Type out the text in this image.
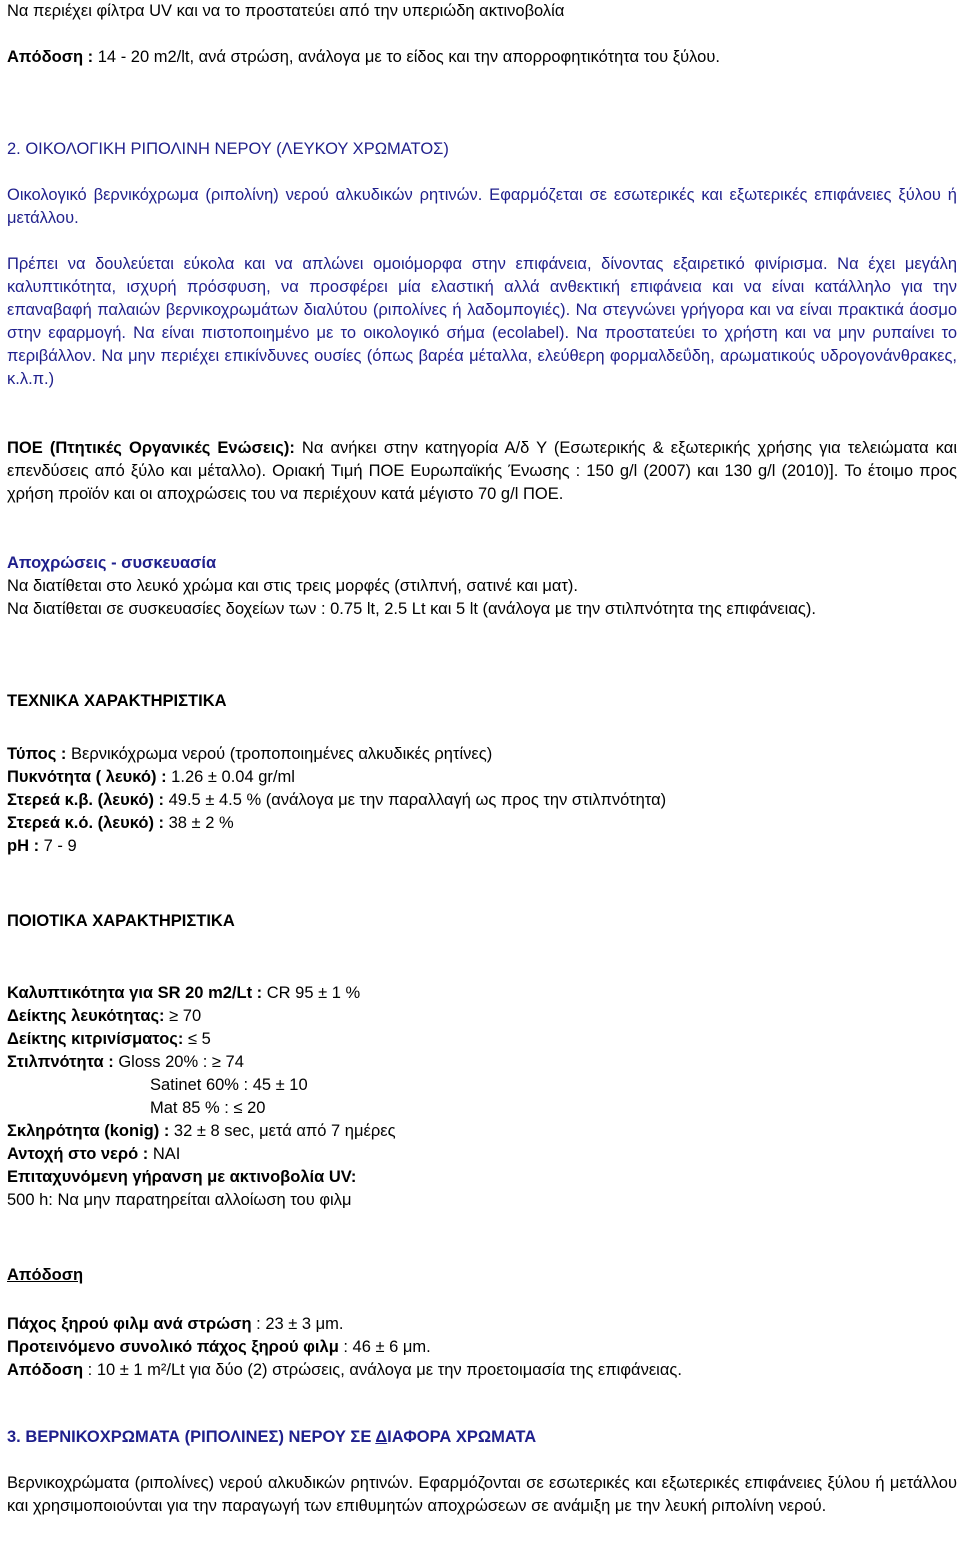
Να περιέχει φίλτρα UV και να το προστατεύει από την υπεριώδη ακτινοβολία

Απόδοση : 14 - 20 m2/lt, ανά στρώση, ανάλογα με το είδος και την απορροφητικότητα του ξύλου.

2. ΟΙΚΟΛΟΓΙΚΗ ΡΙΠΟΛΙΝΗ ΝΕΡΟΥ (ΛΕΥΚΟΥ ΧΡΩΜΑΤΟΣ)

Οικολογικό βερνικόχρωμα (ριπολίνη) νερού αλκυδικών ρητινών. Εφαρμόζεται σε εσωτερικές και εξωτερικές επιφάνειες ξύλου ή μετάλλου.

Πρέπει να δουλεύεται εύκολα και να απλώνει ομοιόμορφα στην επιφάνεια, δίνοντας εξαιρετικό φινίρισμα. Να έχει μεγάλη καλυπτικότητα, ισχυρή πρόσφυση, να προσφέρει μία ελαστική αλλά ανθεκτική επιφάνεια και να είναι κατάλληλο για την επαναβαφή παλαιών βερνικοχρωμάτων διαλύτου (ριπολίνες ή λαδομπογιές). Να στεγνώνει γρήγορα και να είναι πρακτικά άοσμο στην εφαρμογή. Να είναι πιστοποιημένο με το οικολογικό σήμα (ecolabel). Να προστατεύει το χρήστη και να μην ρυπαίνει το περιβάλλον. Να μην περιέχει επικίνδυνες ουσίες (όπως βαρέα μέταλλα, ελεύθερη φορμαλδεΰδη, αρωματικούς υδρογονάνθρακες, κ.λ.π.)

ΠΟΕ (Πτητικές Οργανικές Ενώσεις): Να ανήκει στην κατηγορία Α/δ Υ (Εσωτερικής & εξωτερικής χρήσης για τελειώματα και επενδύσεις από ξύλο και μέταλλο). Οριακή Τιμή ΠΟΕ Ευρωπαϊκής Ένωσης : 150 g/l (2007) και 130 g/l (2010)]. Το έτοιμο προς χρήση προϊόν και οι αποχρώσεις του να περιέχουν κατά μέγιστο 70 g/l ΠΟΕ.

Αποχρώσεις - συσκευασία

Να διατίθεται στο λευκό χρώμα και στις τρεις μορφές (στιλπνή, σατινέ και ματ).

Να διατίθεται σε συσκευασίες δοχείων των : 0.75 lt, 2.5 Lt και 5 lt (ανάλογα με την στιλπνότητα της επιφάνειας).

ΤΕΧΝΙΚΑ ΧΑΡΑΚΤΗΡΙΣΤΙΚΑ

Τύπος : Βερνικόχρωμα νερού (τροποποιημένες αλκυδικές ρητίνες)

Πυκνότητα ( λευκό) : 1.26 ± 0.04 gr/ml

Στερεά κ.β. (λευκό) : 49.5 ± 4.5 % (ανάλογα με την παραλλαγή ως προς την στιλπνότητα)

Στερεά κ.ό. (λευκό) : 38 ± 2 %

pH : 7 - 9

ΠΟΙΟΤΙΚΑ ΧΑΡΑΚΤΗΡΙΣΤΙΚΑ

Καλυπτικότητα για SR 20 m2/Lt : CR 95 ± 1 %

Δείκτης λευκότητας: ≥ 70

Δείκτης κιτρινίσματος: ≤ 5

Στιλπνότητα : Gloss 20% : ≥ 74

Satinet 60% : 45 ± 10

Mat 85 % : ≤ 20

Σκληρότητα (konig) : 32 ± 8 sec, μετά από 7 ημέρες

Αντοχή στο νερό : ΝΑΙ

Επιταχυνόμενη γήρανση με ακτινοβολία UV:

500 h: Να μην παρατηρείται αλλοίωση του φιλμ

Απόδοση

Πάχος ξηρού φιλμ ανά στρώση : 23 ± 3 μm.

Προτεινόμενο συνολικό πάχος ξηρού φιλμ : 46 ± 6 μm.

Απόδοση : 10 ± 1 m²/Lt για δύο (2) στρώσεις, ανάλογα με την προετοιμασία της επιφάνειας.

3. ΒΕΡΝΙΚΟΧΡΩΜΑΤΑ (ΡΙΠΟΛΙΝΕΣ) ΝΕΡΟΥ ΣΕ ΔΙΑΦΟΡΑ ΧΡΩΜΑΤΑ

Βερνικοχρώματα (ριπολίνες) νερού αλκυδικών ρητινών. Εφαρμόζονται σε εσωτερικές και εξωτερικές επιφάνειες ξύλου ή μετάλλου και χρησιμοποιούνται για την παραγωγή των επιθυμητών αποχρώσεων σε ανάμιξη με την λευκή ριπολίνη νερού.
